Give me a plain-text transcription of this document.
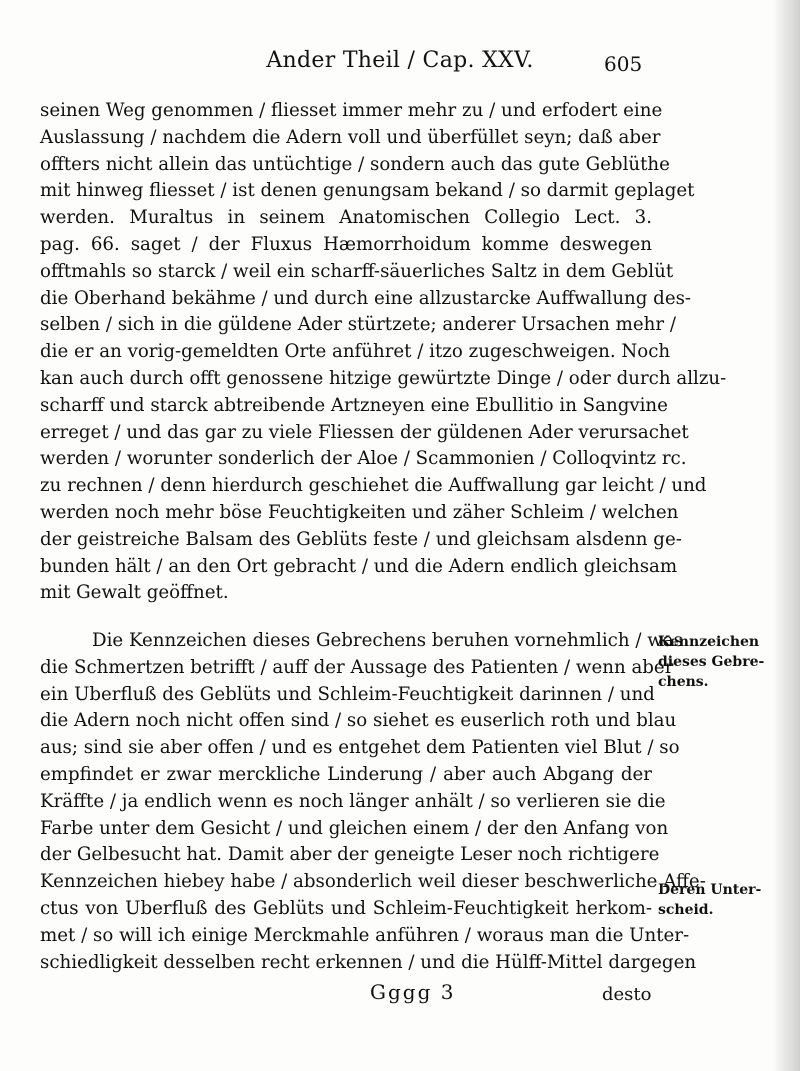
Ander Theil / Cap. XXV.	605
seinen Weg genommen / fliesset immer mehr zu / und erfodert eine
Auslassung / nachdem die Adern voll und überfüllet seyn; daß aber
offters nicht allein das untüchtige / sondern auch das gute Geblüthe
mit hinweg fliesset / ist denen genungsam bekand / so darmit geplaget
werden. Muraltus in seinem Anatomischen Collegio Lect. 3.
pag. 66. saget / der Fluxus Hæmorrhoidum komme deswegen
offtmahls so starck / weil ein scharff-säuerliches Saltz in dem Geblüt
die Oberhand bekähme / und durch eine allzustarcke Auffwallung des-
selben / sich in die güldene Ader stürtzete; anderer Ursachen mehr /
die er an vorig-gemeldten Orte anführet / itzo zugeschweigen. Noch
kan auch durch offt genossene hitzige gewürtzte Dinge / oder durch allzu-
scharff und starck abtreibende Artzneyen eine Ebullitio in Sangvine
erreget / und das gar zu viele Fliessen der güldenen Ader verursachet
werden / worunter sonderlich der Aloe / Scammonien / Colloqvintz rc.
zu rechnen / denn hierdurch geschiehet die Auffwallung gar leicht / und
werden noch mehr böse Feuchtigkeiten und zäher Schleim / welchen
der geistreiche Balsam des Geblüts feste / und gleichsam alsdenn ge-
bunden hält / an den Ort gebracht / und die Adern endlich gleichsam
mit Gewalt geöffnet.
Die Kennzeichen dieses Gebrechens beruhen vornehmlich / was
die Schmertzen betrifft / auff der Aussage des Patienten / wenn aber
ein Uberfluß des Geblüts und Schleim-Feuchtigkeit darinnen / und
die Adern noch nicht offen sind / so siehet es euserlich roth und blau
aus; sind sie aber offen / und es entgehet dem Patienten viel Blut / so
empfindet er zwar merckliche Linderung / aber auch Abgang der
Kräffte / ja endlich wenn es noch länger anhält / so verlieren sie die
Farbe unter dem Gesicht / und gleichen einem / der den Anfang von
der Gelbesucht hat. Damit aber der geneigte Leser noch richtigere
Kennzeichen hiebey habe / absonderlich weil dieser beschwerliche Affe-
ctus von Uberfluß des Geblüts und Schleim-Feuchtigkeit herkom-
met / so will ich einige Merckmahle anführen / woraus man die Unter-
schiedligkeit desselben recht erkennen / und die Hülff-Mittel dargegen
Kennzeichen
dieses Gebre-
chens.
Deren Unter-
scheid.
Gggg 3	desto
